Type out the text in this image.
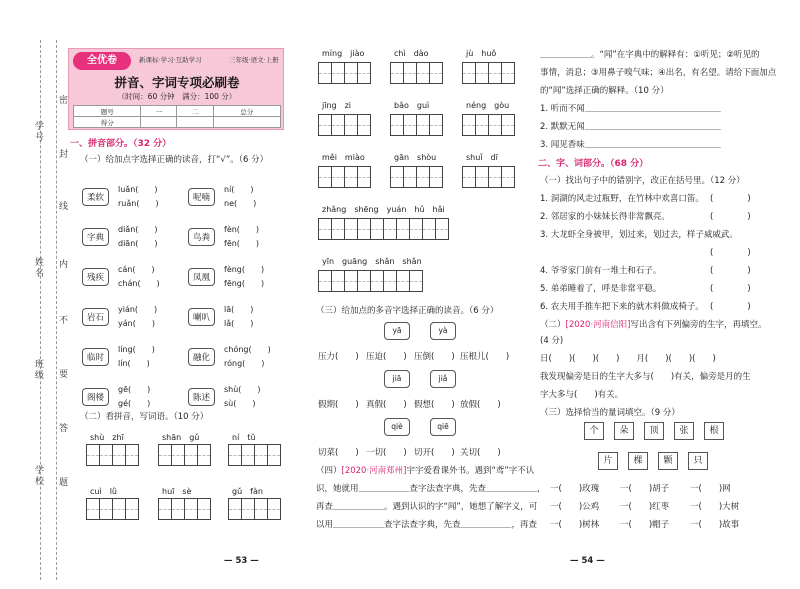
学号
姓名
班级
学校
密
封
线
内
不
要
答
题
全优卷	新课标·学习·互助学习	三年级·语文·上册
拼音、字词专项必刷卷
（时间：60 分钟　满分：100 分）
题号	一	二	总分
得分			
一、拼音部分。（32 分）
（一）给加点字选择正确的读音，打“√”。（6 分）
柔软
luǎn(　　)
ruǎn(　　)
呢喃
ní(　　)
ne(　　)
字典
diǎn(　　)
diān(　　)
鸟粪
fèn(　　)
fēn(　　)
残疾
cán(　　)
chán(　　)
凤凰
fèng(　　)
fēng(　　)
岩石
yián(　　)
yán(　　)
喇叭
lā(　　)
lǎ(　　)
临时
líng(　　)
lín(　　)
融化
chóng(　　)
róng(　　)
阁楼
gē(　　)
gé(　　)
陈述
shù(　　)
sù(　　)
（二）看拼音，写词语。（10 分）
shù　zhī	shān　gǔ	ní　tǔ
cuì　lǜ	huī　sè	gǔ　fàn
míng　jiào	chì　dào	jù　huǒ
jīng　zi	bǎo　guì	néng　gòu
měi　miào	gān　shòu	shuǐ　dī
zhǎng　shēng　yuán　hǔ　hǎi
yīn　guāng　shǎn　shǎn
（三）给加点的多音字选择正确的读音。（6 分）
yā	yà
压力(　　) 压迫(　　) 压倒(　　) 压根儿(　　)
jiā	jiǎ
假期(　　) 真假(　　) 假想(　　) 放假(　　)
qiè	qiē
切菜(　　) 一切(　　) 切开(　　) 关切(　　)
（四）[2020·河南郑州]宇宇爱看课外书。遇到“鸢”字不认
识，她就用＿＿＿＿＿＿查字法查字典，先查＿＿＿＿＿＿，
再查＿＿＿＿＿＿。遇到认识的字“闻”，她想了解字义，可
以用＿＿＿＿＿＿查字法查字典，先查＿＿＿＿＿＿，再查
＿＿＿＿＿＿。“闻”在字典中的解释有：①听见；②听见的
事情，消息；③用鼻子嗅气味；④出名，有名望。请给下面加点
的“闻”选择正确的解释。（10 分）
1. 听而不闻＿＿＿＿＿＿＿＿＿＿＿＿＿＿＿＿
2. 默默无闻＿＿＿＿＿＿＿＿＿＿＿＿＿＿＿＿
3. 闻见香味＿＿＿＿＿＿＿＿＿＿＿＿＿＿＿＿
二、字、词部分。（68 分）
（一）找出句子中的错别字，改正在括号里。（12 分）
1. 洞湖的风走过瓶野，在竹林中欢喜口笛。 (　　　　)
2. 邻居家的小妹妹长得非常飘亮。	(　　　　)
3. 大龙虾全身被甲，划过来，划过去，样子威威武。
(　　　　)
4. 爷爷家门前有一堆土和石子。	(　　　　)
5. 弟弟睡着了，呼是非常平稳。	(　　　　)
6. 农夫用手推车把下来的就木料做成椅子。 (　　　　)
（二）[2020·河南信阳]写出含有下列偏旁的生字，再填空。
(4 分)
日(　　)(　　)(　　)　　月(　　)(　　)(　　)
我发现偏旁是日的生字大多与(　　)有关，偏旁是月的生
字大多与(　　)有关。
（三）选择恰当的量词填空。（9 分）
个	朵	顶	张	根
片	棵	颗	只
一(　　)玫瑰 一(　　)胡子 一(　　)网
一(　　)公鸡 一(　　)红枣 一(　　)大树
一(　　)树林 一(　　)帽子 一(　　)故事
— 53 —	— 54 —
